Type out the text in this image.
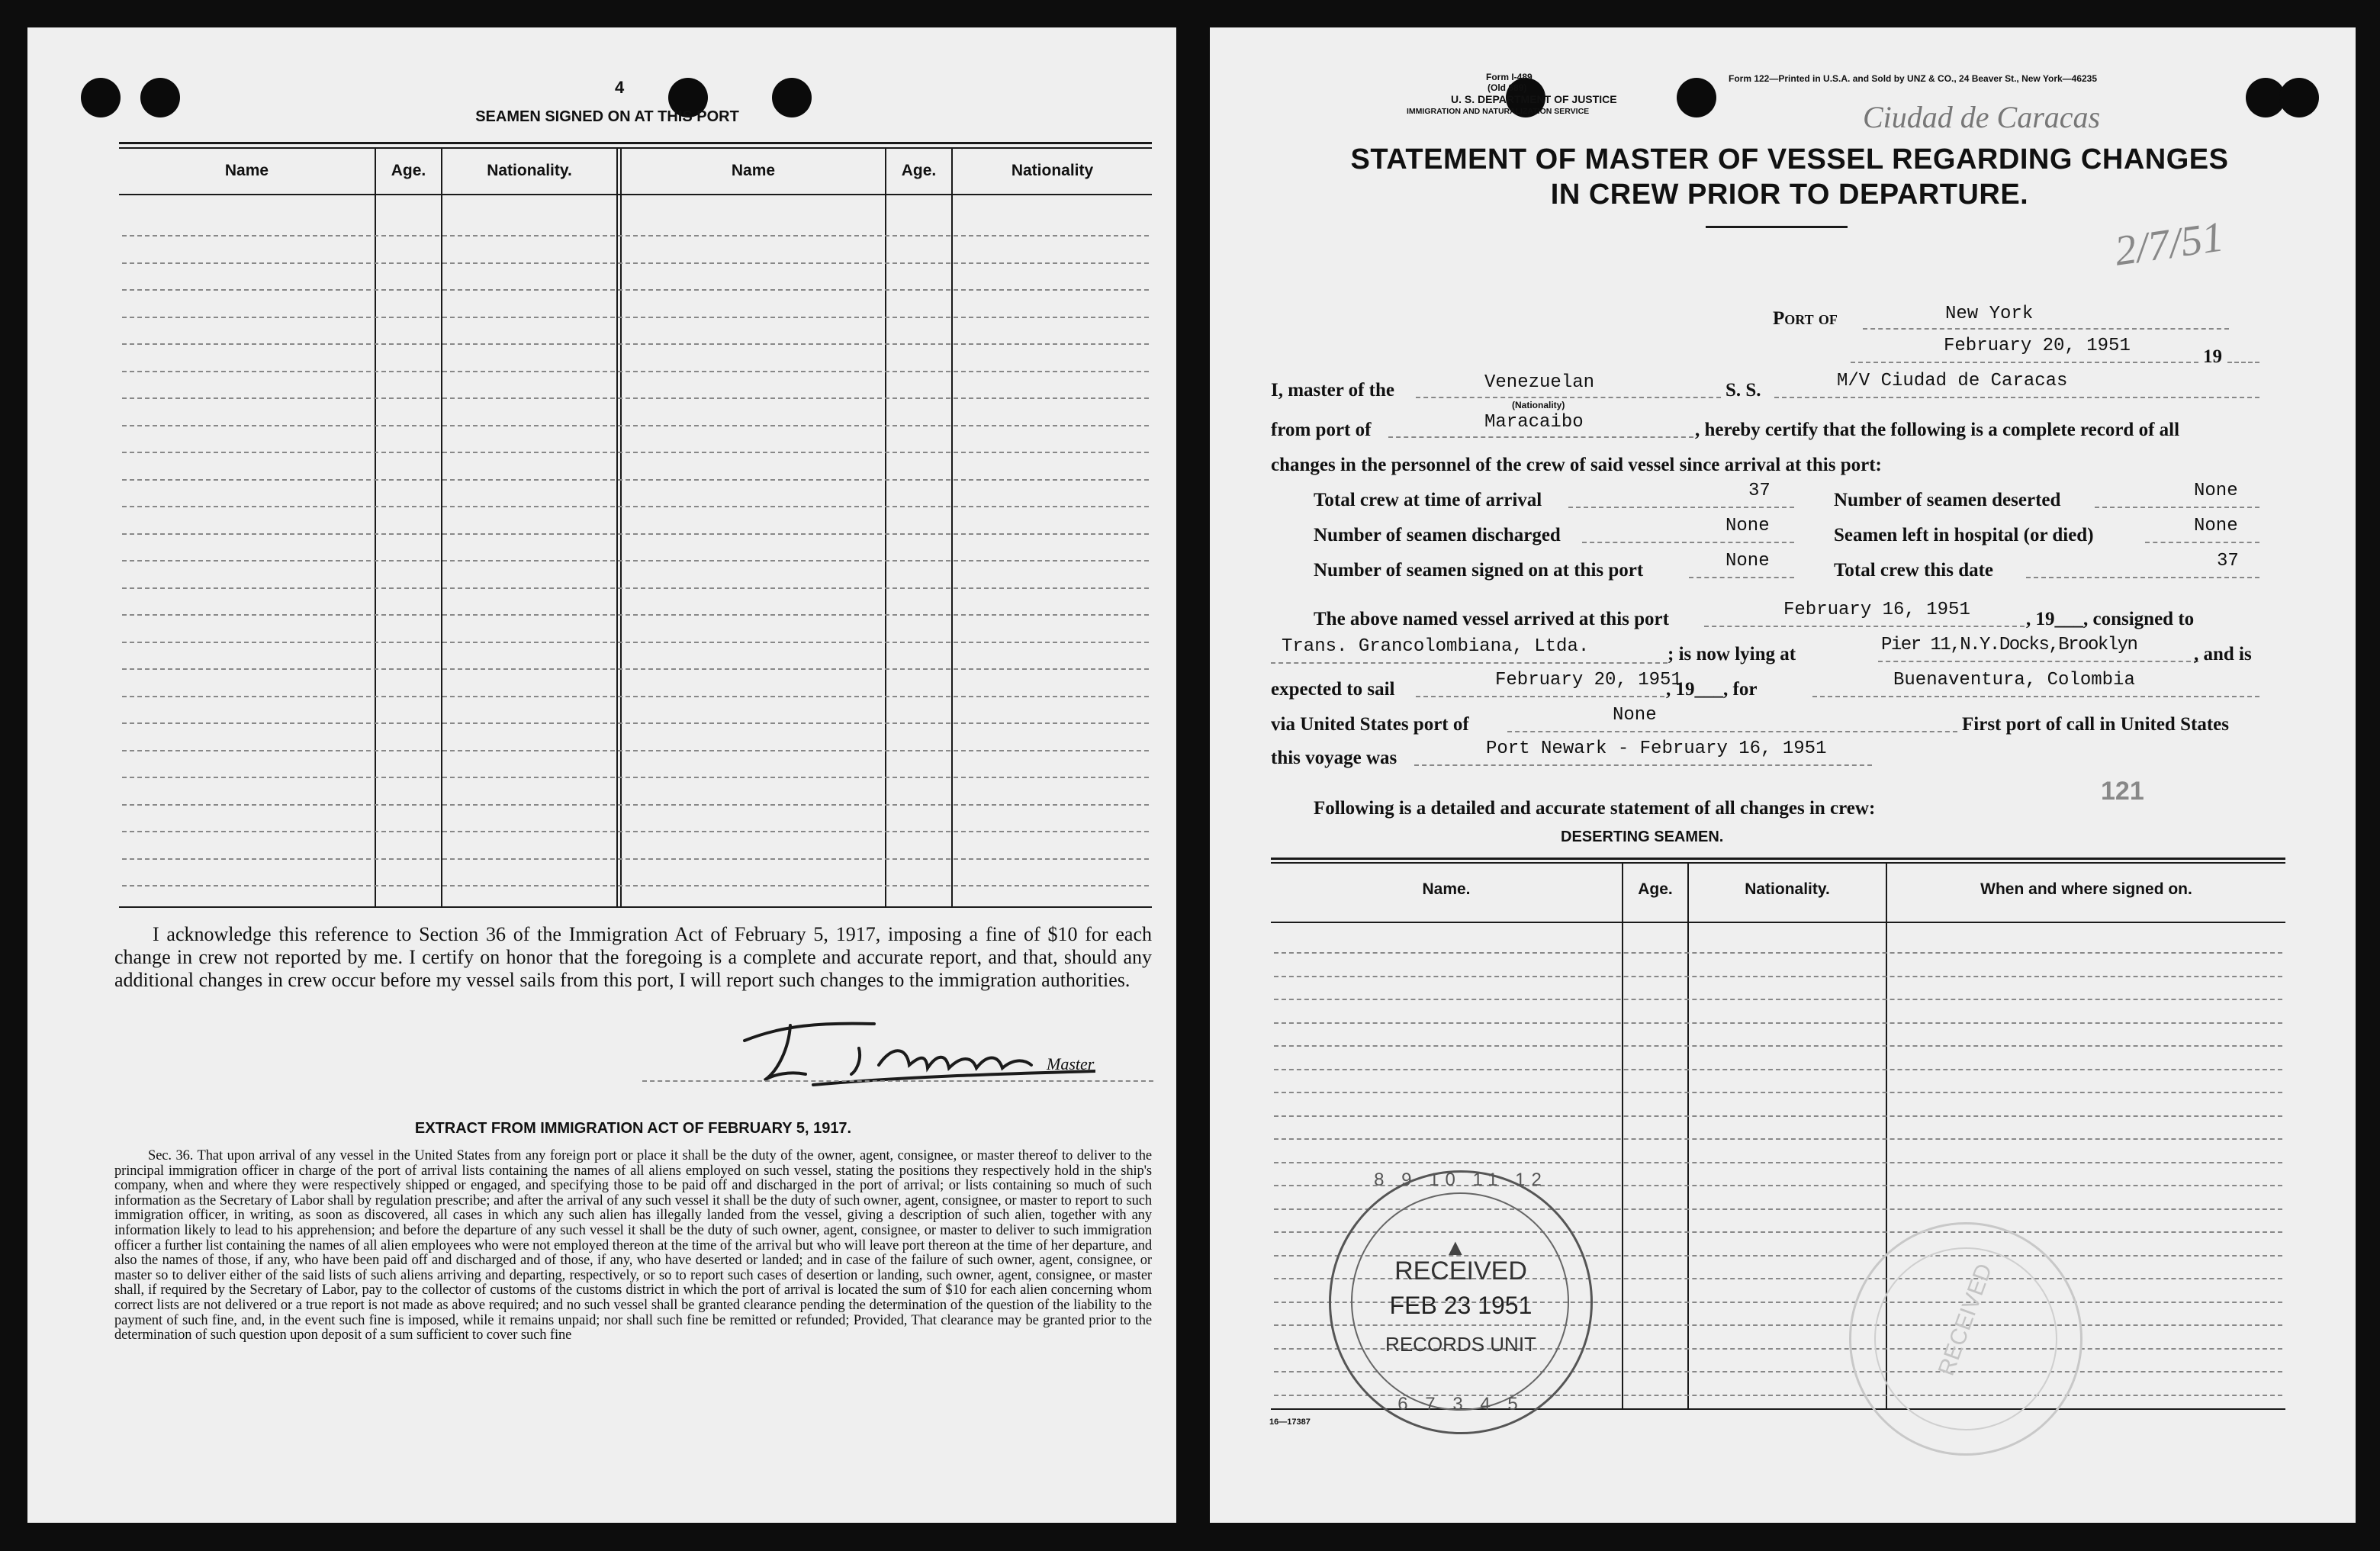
4
SEAMEN SIGNED ON AT THIS PORT
Name	Age.	Nationality.	Name	Age.	Nationality
I acknowledge this reference to Section 36 of the Immigration Act of February 5, 1917, imposing a fine of $10 for each change in crew not reported by me. I certify on honor that the foregoing is a complete and accurate report, and that, should any additional changes in crew occur before my vessel sails from this port, I will report such changes to the immigration authorities.
Master
EXTRACT FROM IMMIGRATION ACT OF FEBRUARY 5, 1917.
Sec. 36. That upon arrival of any vessel in the United States from any foreign port or place it shall be the duty of the owner, agent, consignee, or master thereof to deliver to the principal immigration officer in charge of the port of arrival lists containing the names of all aliens employed on such vessel, stating the positions they respectively hold in the ship's company, when and where they were respectively shipped or engaged, and specifying those to be paid off and discharged in the port of arrival; or lists containing so much of such information as the Secretary of Labor shall by regulation prescribe; and after the arrival of any such vessel it shall be the duty of such owner, agent, consignee, or master to report to such immigration officer, in writing, as soon as discovered, all cases in which any such alien has illegally landed from the vessel, giving a description of such alien, together with any information likely to lead to his apprehension; and before the departure of any such vessel it shall be the duty of such owner, agent, consignee, or master to deliver to such immigration officer a further list containing the names of all alien employees who were not employed thereon at the time of the arrival but who will leave port thereon at the time of her departure, and also the names of those, if any, who have been paid off and discharged and of those, if any, who have deserted or landed; and in case of the failure of such owner, agent, consignee, or master so to deliver either of the said lists of such aliens arriving and departing, respectively, or so to report such cases of desertion or landing, such owner, agent, consignee, or master shall, if required by the Secretary of Labor, pay to the collector of customs of the customs district in which the port of arrival is located the sum of $10 for each alien concerning whom correct lists are not delivered or a true report is not made as above required; and no such vessel shall be granted clearance pending the determination of the question of the liability to the payment of such fine, and, in the event such fine is imposed, while it remains unpaid; nor shall such fine be remitted or refunded; Provided, That clearance may be granted prior to the determination of such question upon deposit of a sum sufficient to cover such fine
Form I-489
(Old 689)
U. S. DEPARTMENT OF JUSTICE
IMMIGRATION AND NATURALIZATION SERVICE
Form 122—Printed in U.S.A. and Sold by UNZ & CO., 24 Beaver St., New York—46235
Ciudad de Caracas
2/7/51
STATEMENT OF MASTER OF VESSEL REGARDING CHANGES
IN CREW PRIOR TO DEPARTURE.
Port of	New York
February 20, 1951
19
I, master of the	Venezuelan
(Nationality)
S. S.	M/V Ciudad de Caracas
from port of	Maracaibo	, hereby certify that the following is a complete record of all
changes in the personnel of the crew of said vessel since arrival at this port:
Total crew at time of arrival	37	Number of seamen deserted	None
Number of seamen discharged	None	Seamen left in hospital (or died)	None
Number of seamen signed on at this port	None	Total crew this date	37
The above named vessel arrived at this port	February 16, 1951	, 19___, consigned to
Trans. Grancolombiana, Ltda.	; is now lying at	Pier 11,N.Y.Docks,Brooklyn	, and is
expected to sail	February 20, 1951
, 19___, for	Buenaventura, Colombia
via United States port of	None	First port of call in United States
this voyage was	Port Newark - February 16, 1951
121
Following is a detailed and accurate statement of all changes in crew:
DESERTING SEAMEN.
Name.	Age.	Nationality.	When and where signed on.
8 9 10 11 12
▲
RECEIVED
FEB 23 1951
RECORDS UNIT
6 7 3 4 5
RECEIVED
16—17387
